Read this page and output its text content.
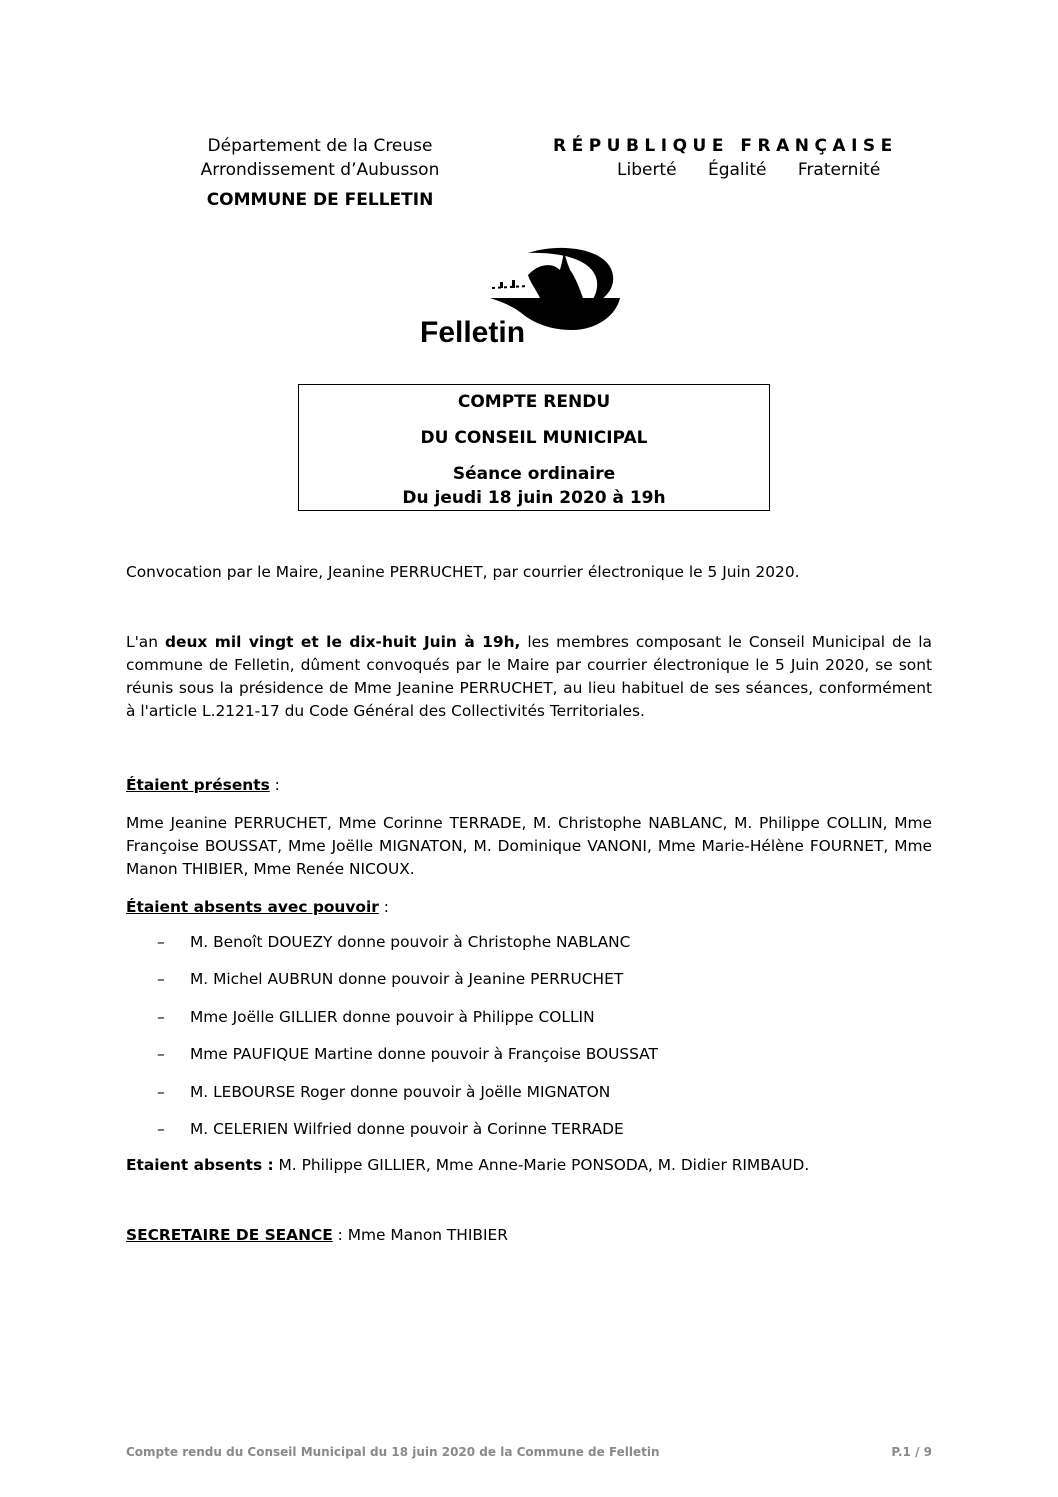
Département de la Creuse
Arrondissement d’Aubusson
COMMUNE DE FELLETIN
RÉPUBLIQUE FRANÇAISE
Liberté Égalité Fraternité
Felletin
COMPTE RENDU
DU CONSEIL MUNICIPAL
Séance ordinaire
Du jeudi 18 juin 2020 à 19h
Convocation par le Maire, Jeanine PERRUCHET, par courrier électronique le 5 Juin 2020.
L'an deux mil vingt et le dix-huit Juin à 19h, les membres composant le Conseil Municipal de la commune de Felletin, dûment convoqués par le Maire par courrier électronique le 5 Juin 2020, se sont réunis sous la présidence de Mme Jeanine PERRUCHET, au lieu habituel de ses séances, conformément à l'article L.2121-17 du Code Général des Collectivités Territoriales.
Étaient présents :
Mme Jeanine PERRUCHET, Mme Corinne TERRADE, M. Christophe NABLANC, M. Philippe COLLIN, Mme Françoise BOUSSAT, Mme Joëlle MIGNATON, M. Dominique VANONI, Mme Marie-Hélène FOURNET, Mme Manon THIBIER, Mme Renée NICOUX.
Étaient absents avec pouvoir :
–	M. Benoît DOUEZY donne pouvoir à Christophe NABLANC
–	M. Michel AUBRUN donne pouvoir à Jeanine PERRUCHET
–	Mme Joëlle GILLIER donne pouvoir à Philippe COLLIN
–	Mme PAUFIQUE Martine donne pouvoir à Françoise BOUSSAT
–	M. LEBOURSE Roger donne pouvoir à Joëlle MIGNATON
–	M. CELERIEN Wilfried donne pouvoir à Corinne TERRADE
Etaient absents : M. Philippe GILLIER, Mme Anne-Marie PONSODA, M. Didier RIMBAUD.
SECRETAIRE DE SEANCE : Mme Manon THIBIER
Compte rendu du Conseil Municipal du 18 juin 2020 de la Commune de Felletin	P.1 / 9
